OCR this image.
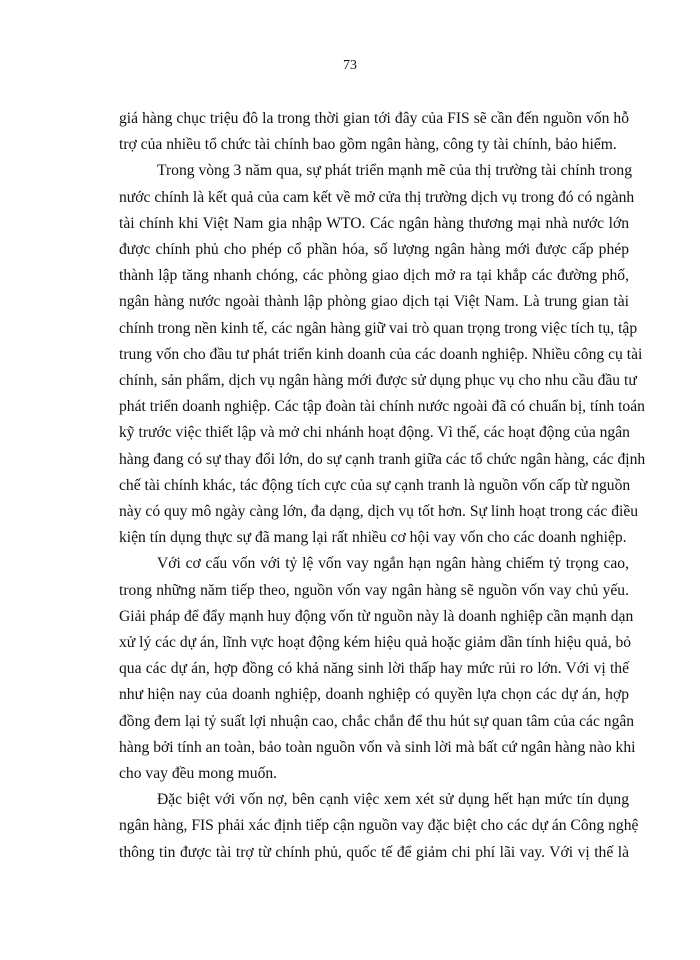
73
giá hàng chục triệu đô la trong thời gian tới đây của FIS sẽ cần đến nguồn vốn hỗ
trợ của nhiều tổ chức tài chính bao gồm ngân hàng, công ty tài chính, bảo hiểm.
Trong vòng 3 năm qua, sự phát triển mạnh mẽ của thị trường tài chính trong
nước chính là kết quả của cam kết về mở cửa thị trường dịch vụ trong đó có ngành
tài chính khi Việt Nam gia nhập WTO. Các ngân hàng thương mại nhà nước lớn
được chính phủ cho phép cổ phần hóa, số lượng ngân hàng mới được cấp phép
thành lập tăng nhanh chóng, các phòng giao dịch mở ra tại khắp các đường phố,
ngân hàng nước ngoài thành lập phòng giao dịch tại Việt Nam. Là trung gian tài
chính trong nền kinh tế, các ngân hàng giữ vai trò quan trọng trong việc tích tụ, tập
trung vốn cho đầu tư phát triển kinh doanh của các doanh nghiệp. Nhiều công cụ tài
chính, sản phẩm, dịch vụ ngân hàng mới được sử dụng phục vụ cho nhu cầu đầu tư
phát triển doanh nghiệp. Các tập đoàn tài chính nước ngoài đã có chuẩn bị, tính toán
kỹ trước việc thiết lập và mở chi nhánh hoạt động. Vì thế, các hoạt động của ngân
hàng đang có sự thay đổi lớn, do sự cạnh tranh giữa các tổ chức ngân hàng, các định
chế tài chính khác, tác động tích cực của sự cạnh tranh là nguồn vốn cấp từ nguồn
này có quy mô ngày càng lớn, đa dạng, dịch vụ tốt hơn. Sự linh hoạt trong các điều
kiện tín dụng thực sự đã mang lại rất nhiều cơ hội vay vốn cho các doanh nghiệp.
Với cơ cấu vốn với tỷ lệ vốn vay ngắn hạn ngân hàng chiếm tỷ trọng cao,
trong những năm tiếp theo, nguồn vốn vay ngân hàng sẽ nguồn vốn vay chủ yếu.
Giải pháp để đẩy mạnh huy động vốn từ nguồn này là doanh nghiệp cần mạnh dạn
xử lý các dự án, lĩnh vực hoạt động kém hiệu quả hoặc giảm dần tính hiệu quả, bỏ
qua các dự án, hợp đồng có khả năng sinh lời thấp hay mức rủi ro lớn. Với vị thế
như hiện nay của doanh nghiệp, doanh nghiệp có quyền lựa chọn các dự án, hợp
đồng đem lại tỷ suất lợi nhuận cao, chắc chắn để thu hút sự quan tâm của các ngân
hàng bởi tính an toàn, bảo toàn nguồn vốn và sinh lời mà bất cứ ngân hàng nào khi
cho vay đều mong muốn.
Đặc biệt với vốn nợ, bên cạnh việc xem xét sử dụng hết hạn mức tín dụng
ngân hàng, FIS phải xác định tiếp cận nguồn vay đặc biệt cho các dự án Công nghệ
thông tin được tài trợ từ chính phủ, quốc tế để giảm chi phí lãi vay. Với vị thế là
